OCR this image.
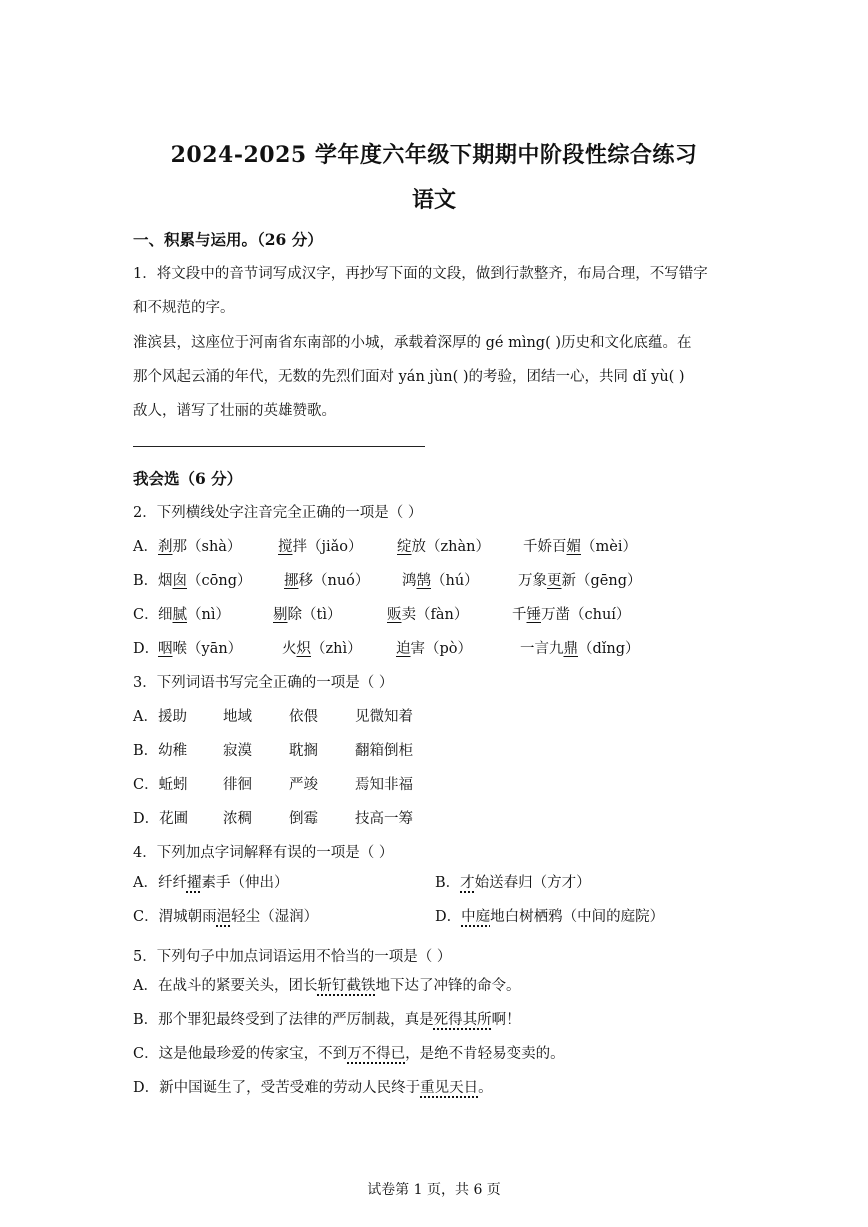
2024-2025 学年度六年级下期期中阶段性综合练习
语文
一、积累与运用。（26 分）
1．将文段中的音节词写成汉字，再抄写下面的文段，做到行款整齐，布局合理，不写错字
和不规范的字。
淮滨县，这座位于河南省东南部的小城，承载着深厚的 gé mìng( )历史和文化底蕴。在
那个风起云涌的年代，无数的先烈们面对 yán jùn( )的考验，团结一心，共同 dǐ yù( )
敌人，谱写了壮丽的英雄赞歌。
我会选（6 分）
2．下列横线处字注音完全正确的一项是（ ）
A． 刹那（shà）	搅拌（jiǎo） 绽放（zhàn） 千娇百媚（mèi）
B． 烟囱（cōng） 挪移（nuó） 鸿鹄（hú）	万象更新（gēng）
C． 细腻（nì）	剔除（tì）	贩卖（fàn）	千锤万凿（chuí）
D．
咽喉（yān）	火炽（zhì） 迫害（pò）	一言九鼎（dǐng）
3．下列词语书写完全正确的一项是（ ）
A．援助 地域	依偎	见微知着
B．幼稚 寂漠	耽搁	翻箱倒柜
C．蚯蚓 徘徊	严竣	焉知非福
D．花圃 浓稠	倒霉	技高一筹
4．下列加点字词解释有误的一项是（ ）
A．纤纤擢素手（伸出）	B．才始送春归（方才）
C．渭城朝雨浥轻尘（湿润）	D．中庭地白树栖鸦（中间的庭院）
5．下列句子中加点词语运用不恰当的一项是（ ）
A．在战斗的紧要关头，团长斩钉截铁地下达了冲锋的命令。
B．那个罪犯最终受到了法律的严厉制裁，真是死得其所啊！
C．这是他最珍爱的传家宝，不到万不得已，是绝不肯轻易变卖的。
D．新中国诞生了，受苦受难的劳动人民终于重见天日。
试卷第 1 页，共 6 页
